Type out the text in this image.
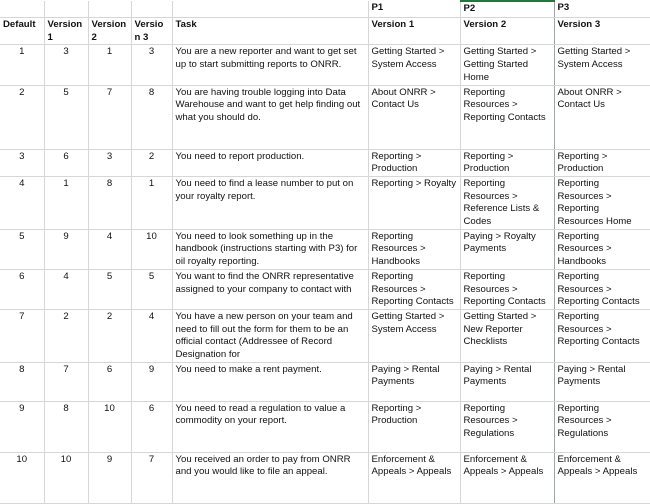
					P1	P2	P3
Default	Version 1	Version 2	Version 3	Task	Version 1	Version 2	Version 3
1	3	1	3	You are a new reporter and want to get set up to start submitting reports to ONRR.	Getting Started > System Access	Getting Started > Getting Started Home	Getting Started > System Access
2	5	7	8	You are having trouble logging into Data Warehouse and want to get help finding out what you should do.	About ONRR > Contact Us	Reporting Resources > Reporting Contacts	About ONRR > Contact Us
3	6	3	2	You need to report production.	Reporting > Production	Reporting > Production	Reporting > Production
4	1	8	1	You need to find a lease number to put on your royalty report.	Reporting > Royalty	Reporting Resources > Reference Lists & Codes	Reporting Resources > Reporting Resources Home
5	9	4	10	You need to look something up in the handbook (instructions starting with P3) for oil royalty reporting.	Reporting Resources > Handbooks	Paying > Royalty Payments	Reporting Resources > Handbooks
6	4	5	5	You want to find the ONRR representative assigned to your company to contact with	Reporting Resources > Reporting Contacts	Reporting Resources > Reporting Contacts	Reporting Resources > Reporting Contacts
7	2	2	4	You have a new person on your team and need to fill out the form for them to be an official contact (Addressee of Record Designation for	Getting Started > System Access	Getting Started > New Reporter Checklists	Reporting Resources > Reporting Contacts
8	7	6	9	You need to make a rent payment.	Paying > Rental Payments	Paying > Rental Payments	Paying > Rental Payments
9	8	10	6	You need to read a regulation to value a commodity on your report.	Reporting > Production	Reporting Resources > Regulations	Reporting Resources > Regulations
10	10	9	7	You received an order to pay from ONRR and you would like to file an appeal.	Enforcement & Appeals > Appeals	Enforcement & Appeals > Appeals	Enforcement & Appeals > Appeals
